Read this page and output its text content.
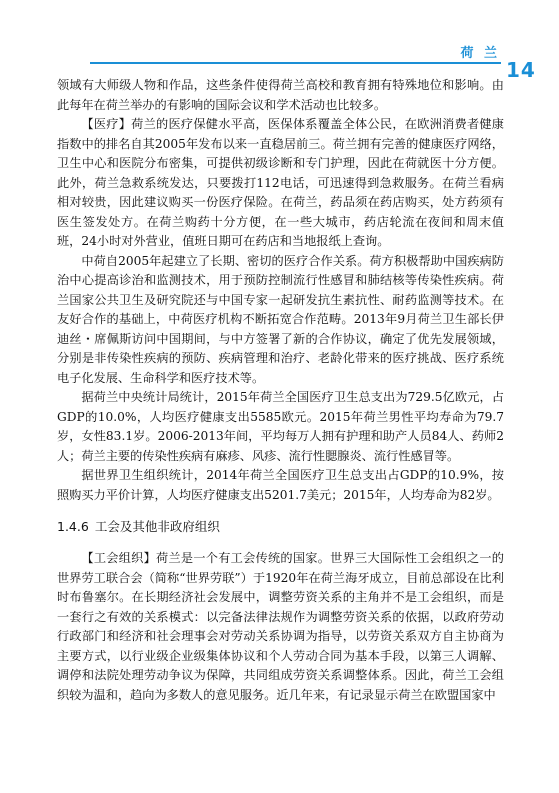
荷 兰
14

领域有大师级人物和作品，这些条件使得荷兰高校和教育拥有特殊地位和影响。由此每年在荷兰举办的有影响的国际会议和学术活动也比较多。

【医疗】荷兰的医疗保健水平高，医保体系覆盖全体公民，在欧洲消费者健康指数中的排名自其2005年发布以来一直稳居前三。荷兰拥有完善的健康医疗网络，卫生中心和医院分布密集，可提供初级诊断和专门护理，因此在荷就医十分方便。此外，荷兰急救系统发达，只要拨打112电话，可迅速得到急救服务。在荷兰看病相对较贵，因此建议购买一份医疗保险。在荷兰，药品须在药店购买，处方药须有医生签发处方。在荷兰购药十分方便，在一些大城市，药店轮流在夜间和周末值班，24小时对外营业，值班日期可在药店和当地报纸上查询。

中荷自2005年起建立了长期、密切的医疗合作关系。荷方积极帮助中国疾病防治中心提高诊治和监测技术，用于预防控制流行性感冒和肺结核等传染性疾病。荷兰国家公共卫生及研究院还与中国专家一起研发抗生素抗性、耐药监测等技术。在友好合作的基础上，中荷医疗机构不断拓宽合作范畴。2013年9月荷兰卫生部长伊迪丝・席佩斯访问中国期间，与中方签署了新的合作协议，确定了优先发展领域，分别是非传染性疾病的预防、疾病管理和治疗、老龄化带来的医疗挑战、医疗系统电子化发展、生命科学和医疗技术等。

据荷兰中央统计局统计，2015年荷兰全国医疗卫生总支出为729.5亿欧元，占GDP的10.0%，人均医疗健康支出5585欧元。2015年荷兰男性平均寿命为79.7岁，女性83.1岁。2006-2013年间，平均每万人拥有护理和助产人员84人、药师2人；荷兰主要的传染性疾病有麻疹、风疹、流行性腮腺炎、流行性感冒等。

据世界卫生组织统计，2014年荷兰全国医疗卫生总支出占GDP的10.9%，按照购买力平价计算，人均医疗健康支出5201.7美元；2015年，人均寿命为82岁。

1.4.6 工会及其他非政府组织

【工会组织】荷兰是一个有工会传统的国家。世界三大国际性工会组织之一的世界劳工联合会（简称“世界劳联”）于1920年在荷兰海牙成立，目前总部设在比利时布鲁塞尔。在长期经济社会发展中，调整劳资关系的主角并不是工会组织，而是一套行之有效的关系模式：以完备法律法规作为调整劳资关系的依据，以政府劳动行政部门和经济和社会理事会对劳动关系协调为指导，以劳资关系双方自主协商为主要方式，以行业级企业级集体协议和个人劳动合同为基本手段，以第三人调解、调停和法院处理劳动争议为保障，共同组成劳资关系调整体系。因此，荷兰工会组织较为温和，趋向为多数人的意见服务。近几年来，有记录显示荷兰在欧盟国家中
